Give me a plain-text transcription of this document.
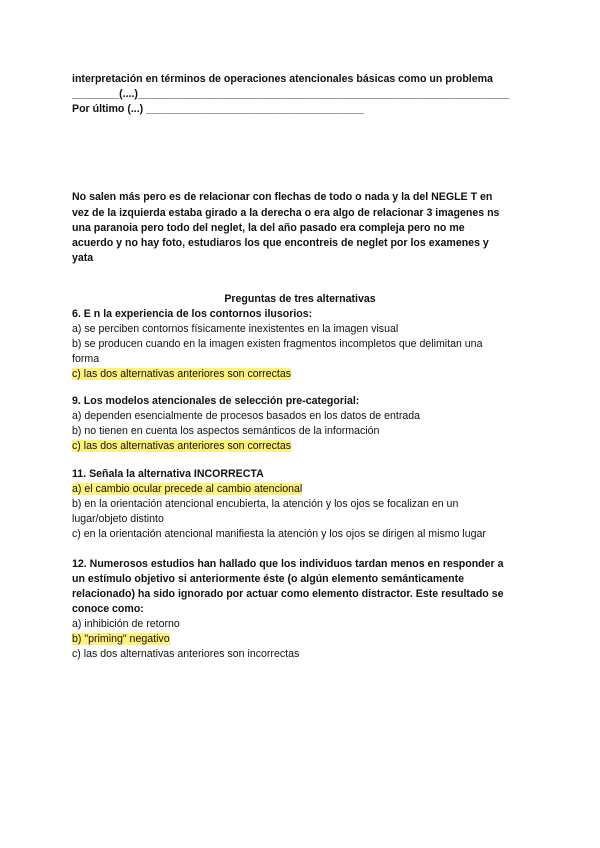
interpretación en términos de operaciones atencionales básicas como un problema
________(....)_______________________________________________________________
Por último (...) _____________________________________
No salen más pero es de relacionar con flechas de todo o nada y la del NEGLE T en
vez de la izquierda estaba girado a la derecha o era algo de relacionar 3 imagenes ns
una paranoia pero todo del neglet, la del año pasado era compleja pero no me
acuerdo y no hay foto, estudiaros los que encontreis de neglet por los examenes y
yata
Preguntas de tres alternativas
6. E n la experiencia de los contornos ilusorios:
a) se perciben contornos físicamente inexistentes en la imagen visual
b) se producen cuando en la imagen existen fragmentos incompletos que delimitan una
forma
c) las dos alternativas anteriores son correctas
9. Los modelos atencionales de selección pre-categorial:
a) dependen esencialmente de procesos basados en los datos de entrada
b) no tienen en cuenta los aspectos semánticos de la información
c) las dos alternativas anteriores son correctas
11. Señala la alternativa INCORRECTA
a) el cambio ocular precede al cambio atencional
b) en la orientación atencional encubierta, la atención y los ojos se focalizan en un
lugar/objeto distinto
c) en la orientación atencional manifiesta la atención y los ojos se dirigen al mismo lugar
12. Numerosos estudios han hallado que los individuos tardan menos en responder a
un estímulo objetivo si anteriormente éste (o algún elemento semánticamente
relacionado) ha sido ignorado por actuar como elemento distractor. Este resultado se
conoce como:
a) inhibición de retorno
b) "priming" negativo
c) las dos alternativas anteriores son incorrectas
